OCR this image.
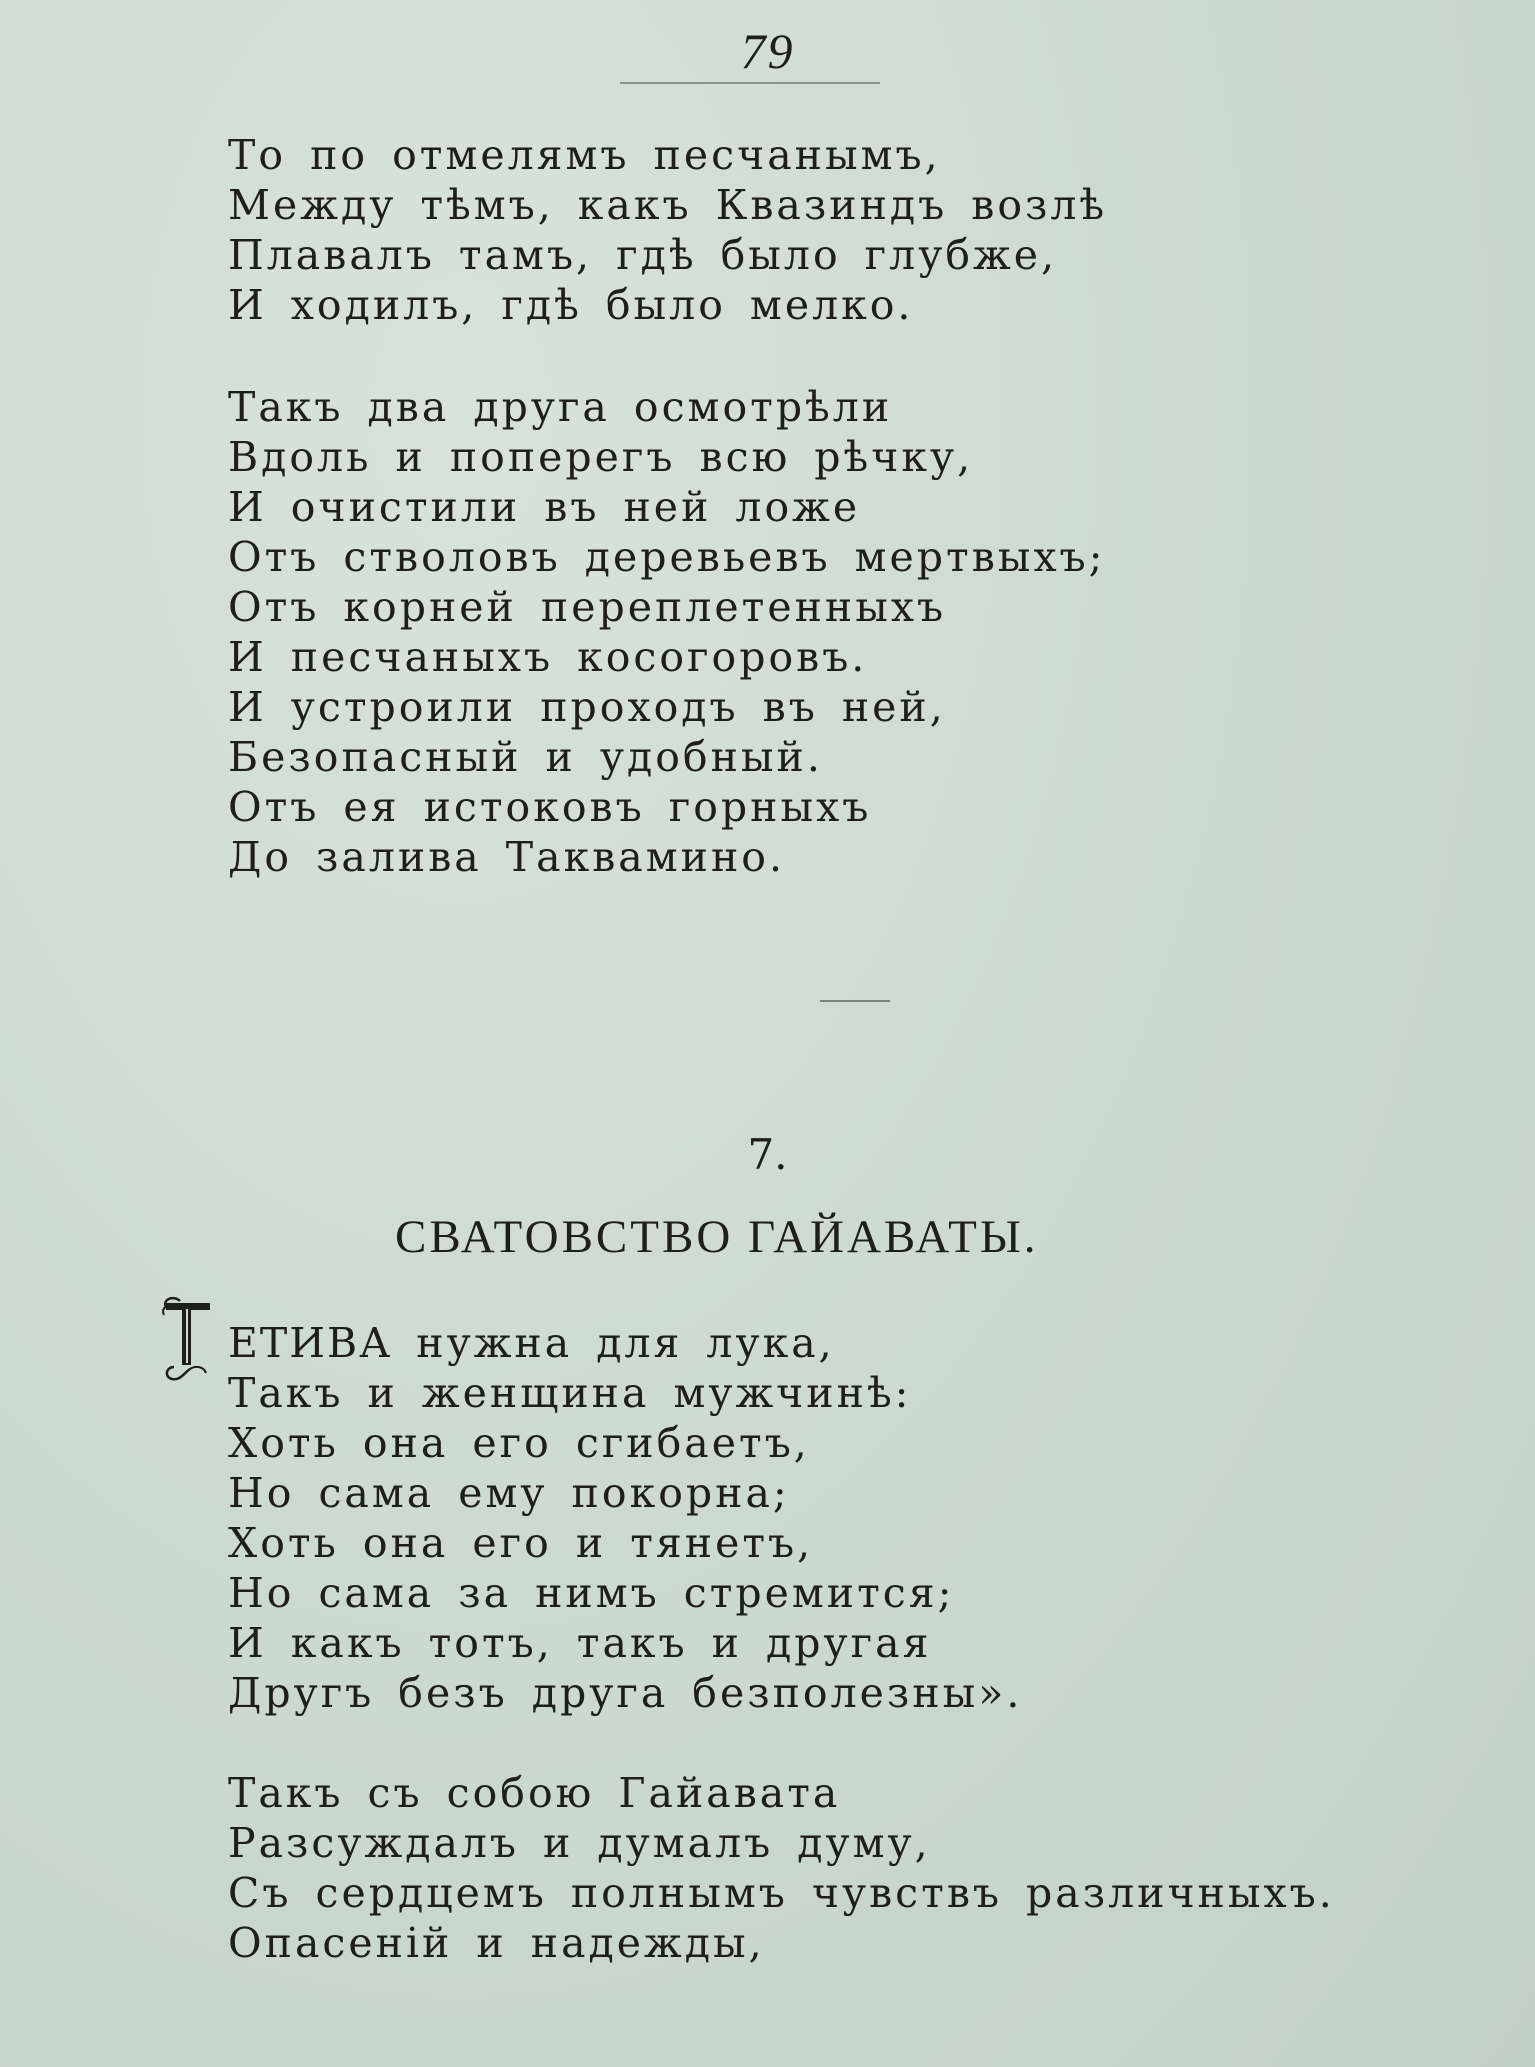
79
То по отмелямъ песчанымъ,
Между тѣмъ, какъ Квазиндъ возлѣ
Плавалъ тамъ, гдѣ было глубже,
И ходилъ, гдѣ было мелко.
Такъ два друга осмотрѣли
Вдоль и поперегъ всю рѣчку,
И очистили въ ней ложе
Отъ стволовъ деревьевъ мертвыхъ;
Отъ корней переплетенныхъ
И песчаныхъ косогоровъ.
И устроили проходъ въ ней,
Безопасный и удобный.
Отъ ея истоковъ горныхъ
До залива Таквамино.
7.
СВАТОВСТВО ГАЙАВАТЫ.
ЕТИВА нужна для лука,
Такъ и женщина мужчинѣ:
Хоть она его сгибаетъ,
Но сама ему покорна;
Хоть она его и тянетъ,
Но сама за нимъ стремится;
И какъ тотъ, такъ и другая
Другъ безъ друга безполезны».
Такъ съ собою Гайавата
Разсуждалъ и думалъ думу,
Съ сердцемъ полнымъ чувствъ различныхъ.
Опасеній и надежды,
